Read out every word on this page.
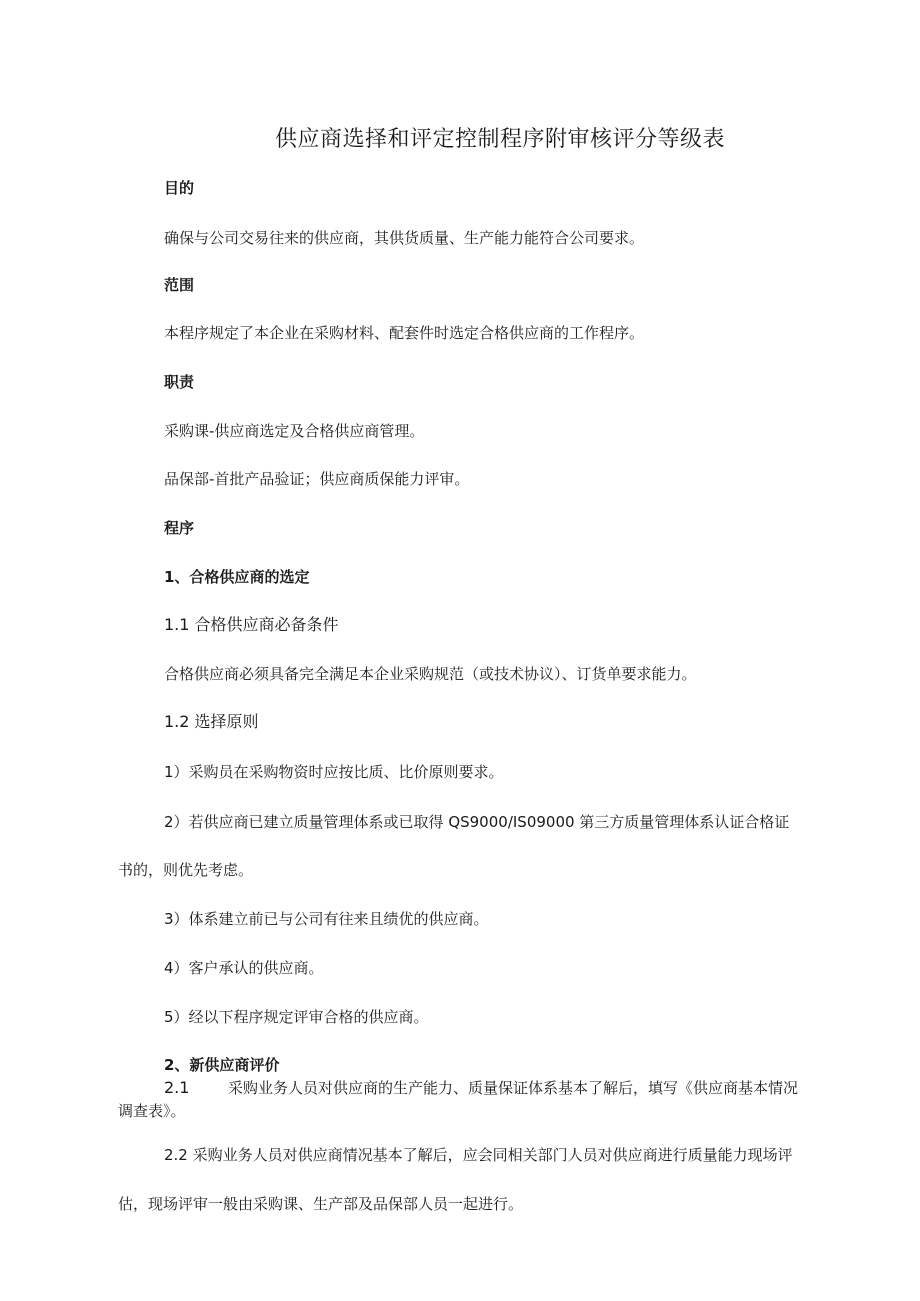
供应商选择和评定控制程序附审核评分等级表
目的
确保与公司交易往来的供应商，其供货质量、生产能力能符合公司要求。
范围
本程序规定了本企业在采购材料、配套件时选定合格供应商的工作程序。
职责
采购课-供应商选定及合格供应商管理。
品保部-首批产品验证；供应商质保能力评审。
程序
1、合格供应商的选定
1.1 合格供应商必备条件
合格供应商必须具备完全满足本企业采购规范（或技术协议）、订货单要求能力。
1.2 选择原则
1）采购员在采购物资时应按比质、比价原则要求。
2）若供应商已建立质量管理体系或已取得 QS9000/IS09000 第三方质量管理体系认证合格证
书的，则优先考虑。
3）体系建立前已与公司有往来且绩优的供应商。
4）客户承认的供应商。
5）经以下程序规定评审合格的供应商。
2、新供应商评价
2.1	采购业务人员对供应商的生产能力、质量保证体系基本了解后，填写《供应商基本情况
调查表》。
2.2 采购业务人员对供应商情况基本了解后，应会同相关部门人员对供应商进行质量能力现场评
估，现场评审一般由采购课、生产部及品保部人员一起进行。
